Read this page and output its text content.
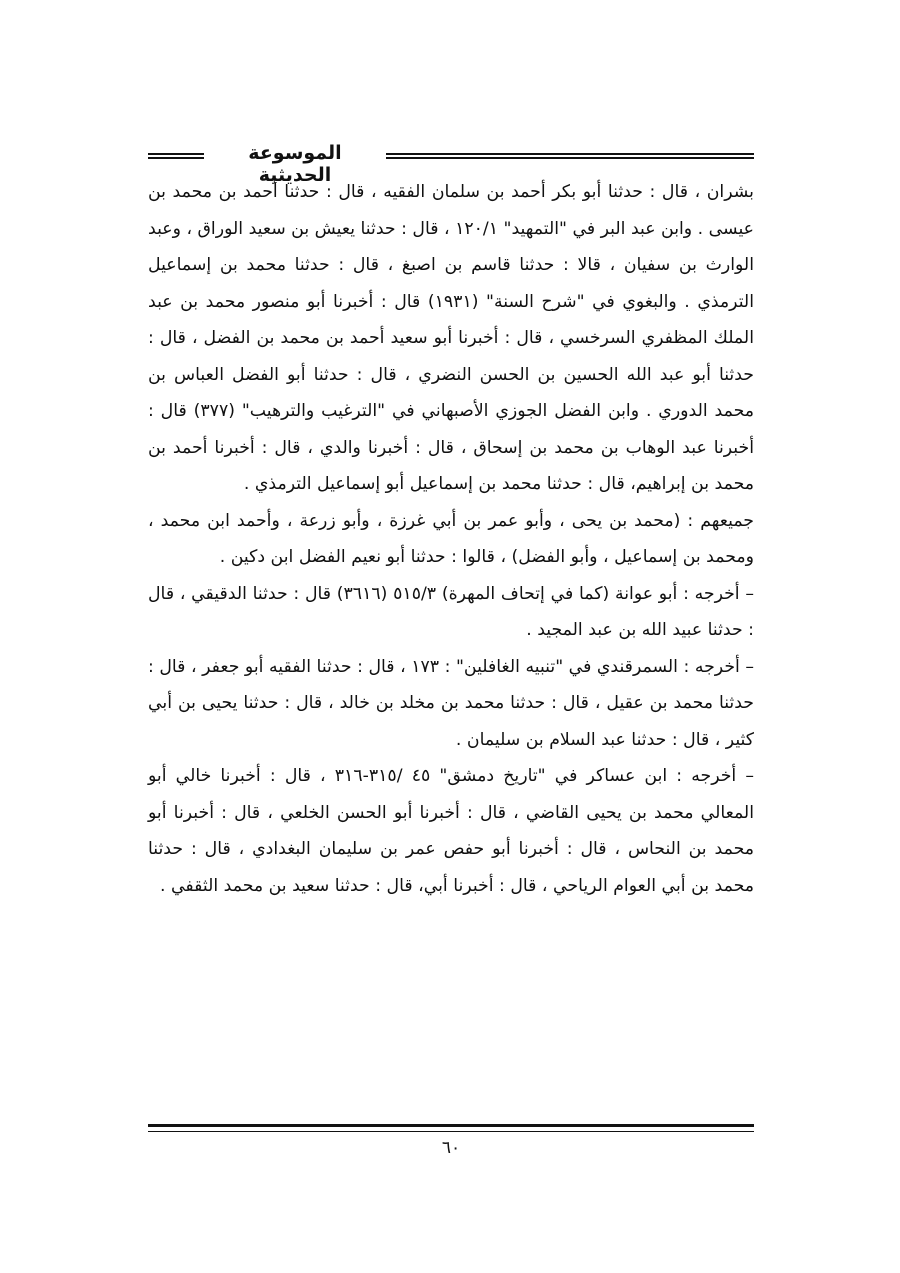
الموسوعة الحديثية

بشران ، قال : حدثنا أبو بكر أحمد بن سلمان الفقيه ، قال : حدثنا أحمد بن محمد بن عيسى . وابن عبد البر في "التمهيد" ١٢٠/١ ، قال : حدثنا يعيش بن سعيد الوراق ، وعبد الوارث بن سفيان ، قالا : حدثنا قاسم بن اصبغ ، قال : حدثنا محمد بن إسماعيل الترمذي . والبغوي في "شرح السنة" (١٩٣١) قال : أخبرنا أبو منصور محمد بن عبد الملك المظفري السرخسي ، قال : أخبرنا أبو سعيد أحمد بن محمد بن الفضل ، قال : حدثنا أبو عبد الله الحسين بن الحسن النضري ، قال : حدثنا أبو الفضل العباس بن محمد الدوري . وابن الفضل الجوزي الأصبهاني في "الترغيب والترهيب" (٣٧٧) قال : أخبرنا عبد الوهاب بن محمد بن إسحاق ، قال : أخبرنا والدي ، قال : أخبرنا أحمد بن محمد بن إبراهيم، قال : حدثنا محمد بن إسماعيل أبو إسماعيل الترمذي .

جميعهم : (محمد بن يحى ، وأبو عمر بن أبي غرزة ، وأبو زرعة ، وأحمد ابن محمد ، ومحمد بن إسماعيل ، وأبو الفضل) ، قالوا : حدثنا أبو نعيم الفضل ابن دكين .

– أخرجه : أبو عوانة (كما في إتحاف المهرة) ٥١٥/٣ (٣٦١٦) قال : حدثنا الدقيقي ، قال : حدثنا عبيد الله بن عبد المجيد .

– أخرجه : السمرقندي في "تنبيه الغافلين" : ١٧٣ ، قال : حدثنا الفقيه أبو جعفر ، قال : حدثنا محمد بن عقيل ، قال : حدثنا محمد بن مخلد بن خالد ، قال : حدثنا يحيى بن أبي كثير ، قال : حدثنا عبد السلام بن سليمان .

– أخرجه : ابن عساكر في "تاريخ دمشق" ٤٥ /٣١٥-٣١٦ ، قال : أخبرنا خالي أبو المعالي محمد بن يحيى القاضي ، قال : أخبرنا أبو الحسن الخلعي ، قال : أخبرنا أبو محمد بن النحاس ، قال : أخبرنا أبو حفص عمر بن سليمان البغدادي ، قال : حدثنا محمد بن أبي العوام الرياحي ، قال : أخبرنا أبي، قال : حدثنا سعيد بن محمد الثقفي .

٦٠
